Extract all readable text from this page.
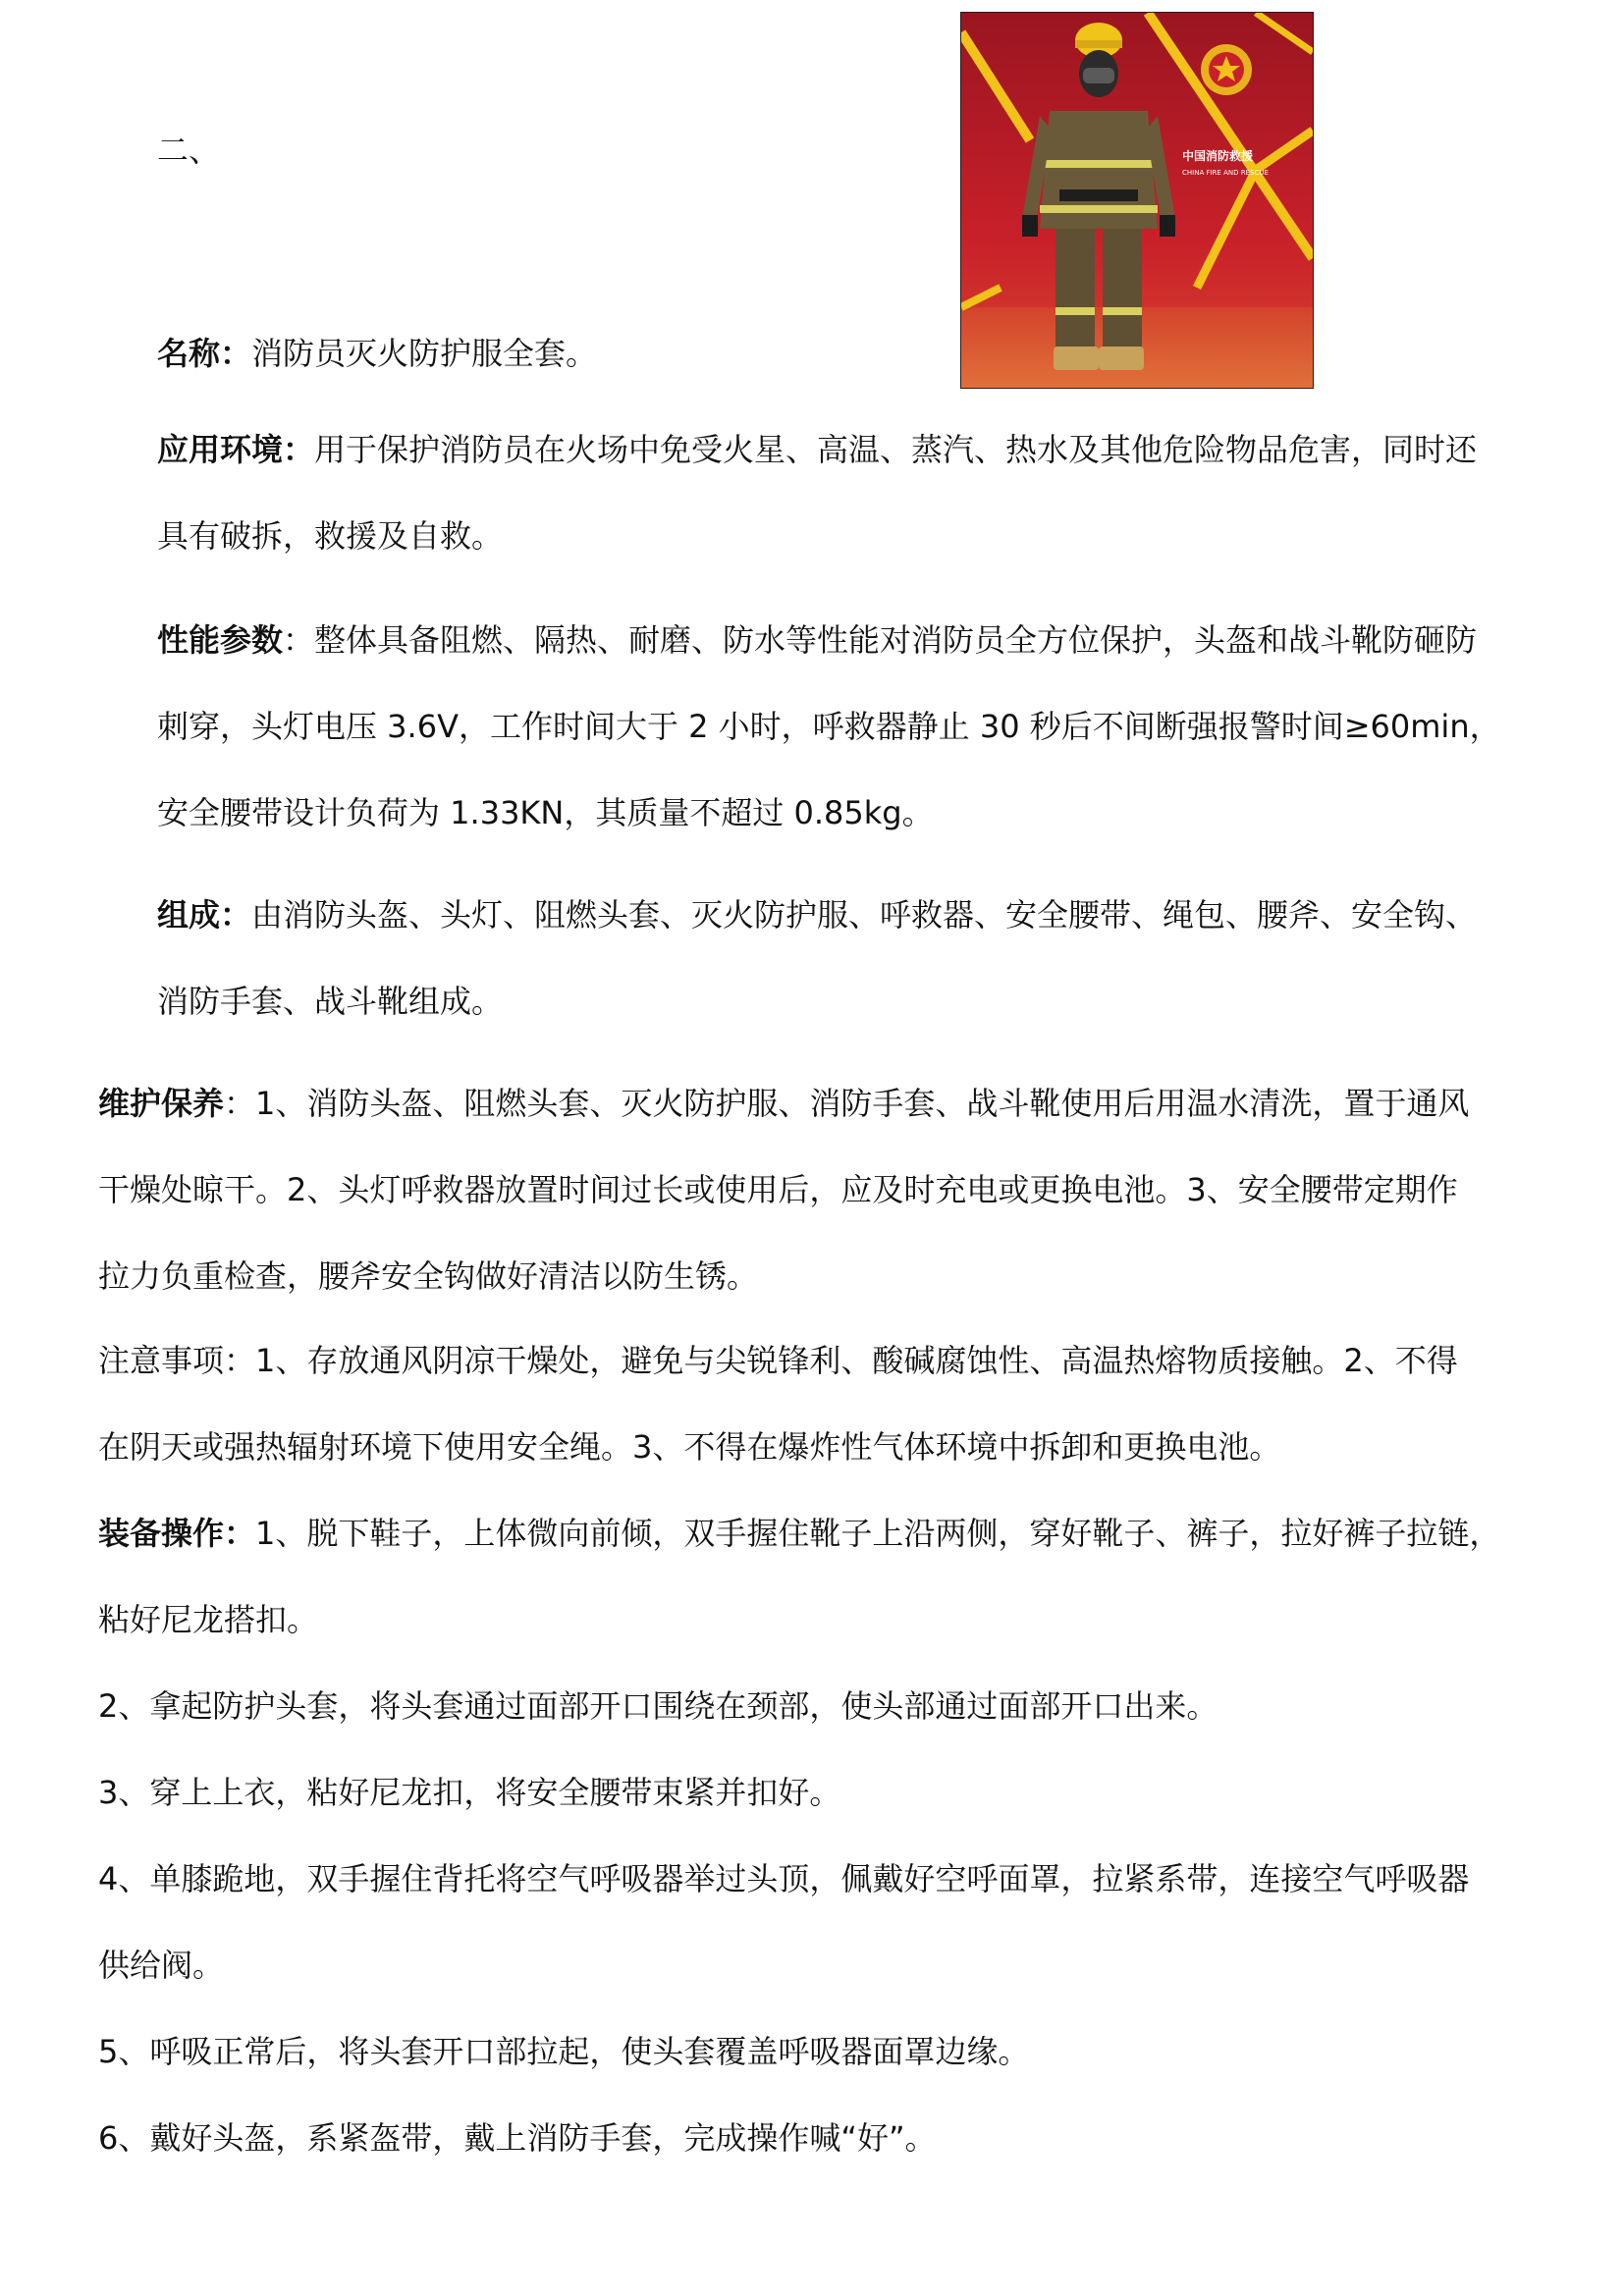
二、	中国消防救援
CHINA FIRE AND RESCUE

名称：消防员灭火防护服全套。

应用环境：用于保护消防员在火场中免受火星、高温、蒸汽、热水及其他危险物品危害，同时还
具有破拆，救援及自救。

性能参数：整体具备阻燃、隔热、耐磨、防水等性能对消防员全方位保护，头盔和战斗靴防砸防
刺穿，头灯电压 3.6V，工作时间大于 2 小时，呼救器静止 30 秒后不间断强报警时间≥60min，
安全腰带设计负荷为 1.33KN，其质量不超过 0.85kg。

组成：由消防头盔、头灯、阻燃头套、灭火防护服、呼救器、安全腰带、绳包、腰斧、安全钩、
消防手套、战斗靴组成。

维护保养：1、消防头盔、阻燃头套、灭火防护服、消防手套、战斗靴使用后用温水清洗，置于通风
干燥处晾干。2、头灯呼救器放置时间过长或使用后，应及时充电或更换电池。3、安全腰带定期作
拉力负重检查，腰斧安全钩做好清洁以防生锈。

注意事项：1、存放通风阴凉干燥处，避免与尖锐锋利、酸碱腐蚀性、高温热熔物质接触。2、不得
在阴天或强热辐射环境下使用安全绳。3、不得在爆炸性气体环境中拆卸和更换电池。

装备操作：1、脱下鞋子，上体微向前倾，双手握住靴子上沿两侧，穿好靴子、裤子，拉好裤子拉链，
粘好尼龙搭扣。
2、拿起防护头套，将头套通过面部开口围绕在颈部，使头部通过面部开口出来。
3、穿上上衣，粘好尼龙扣，将安全腰带束紧并扣好。
4、单膝跪地，双手握住背托将空气呼吸器举过头顶，佩戴好空呼面罩，拉紧系带，连接空气呼吸器
供给阀。
5、呼吸正常后，将头套开口部拉起，使头套覆盖呼吸器面罩边缘。
6、戴好头盔，系紧盔带，戴上消防手套，完成操作喊“好”。
